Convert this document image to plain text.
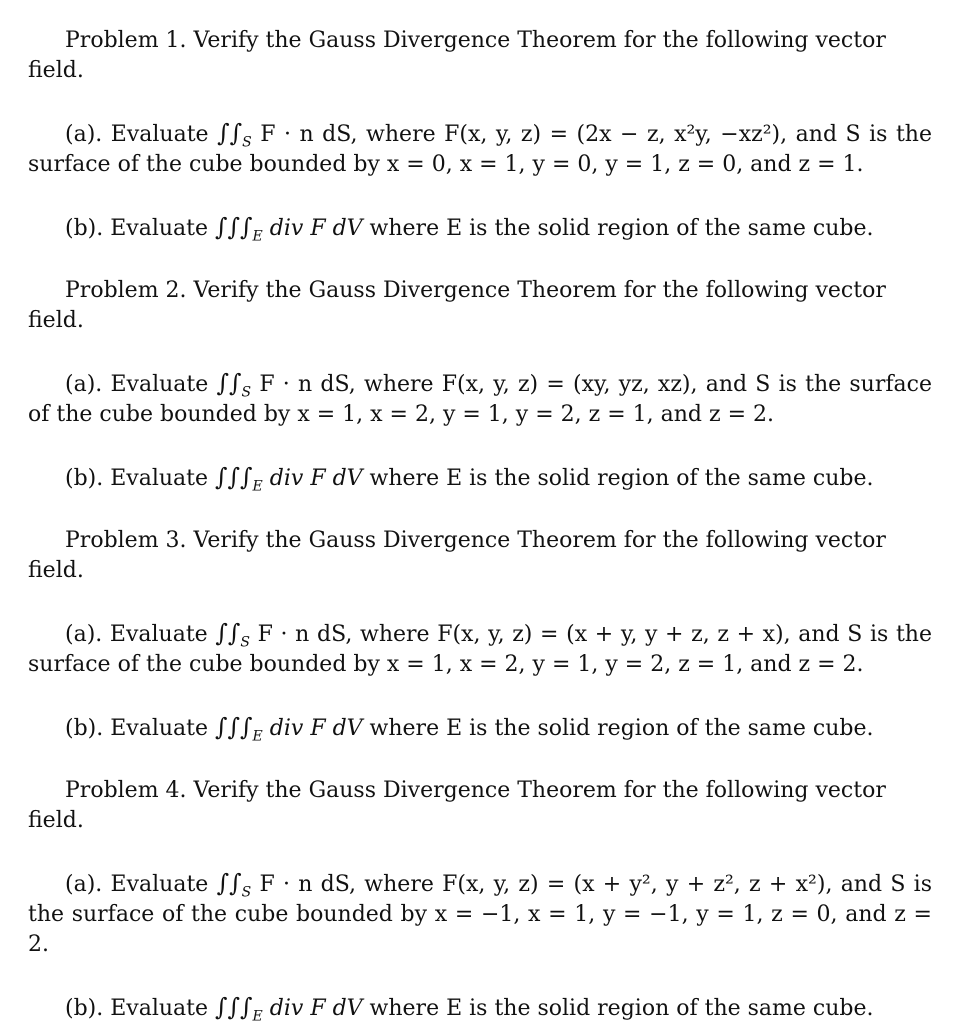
Problem 1. Verify the Gauss Divergence Theorem for the following vector field.

(a). Evaluate $\int\int_S$ F · n dS, where F(x, y, z) = (2x − z, x²y, −xz²), and S is the surface of the cube bounded by x = 0, x = 1, y = 0, y = 1, z = 0, and z = 1.

(b). Evaluate $\int\int\int_E$ div F dV where E is the solid region of the same cube.

Problem 2. Verify the Gauss Divergence Theorem for the following vector field.

(a). Evaluate $\int\int_S$ F · n dS, where F(x, y, z) = (xy, yz, xz), and S is the surface of the cube bounded by x = 1, x = 2, y = 1, y = 2, z = 1, and z = 2.

(b). Evaluate $\int\int\int_E$ div F dV where E is the solid region of the same cube.

Problem 3. Verify the Gauss Divergence Theorem for the following vector field.

(a). Evaluate $\int\int_S$ F · n dS, where F(x, y, z) = (x + y, y + z, z + x), and S is the surface of the cube bounded by x = 1, x = 2, y = 1, y = 2, z = 1, and z = 2.

(b). Evaluate $\int\int\int_E$ div F dV where E is the solid region of the same cube.

Problem 4. Verify the Gauss Divergence Theorem for the following vector field.

(a). Evaluate $\int\int_S$ F · n dS, where F(x, y, z) = (x + y², y + z², z + x²), and S is the surface of the cube bounded by x = −1, x = 1, y = −1, y = 1, z = 0, and z = 2.

(b). Evaluate $\int\int\int_E$ div F dV where E is the solid region of the same cube.
